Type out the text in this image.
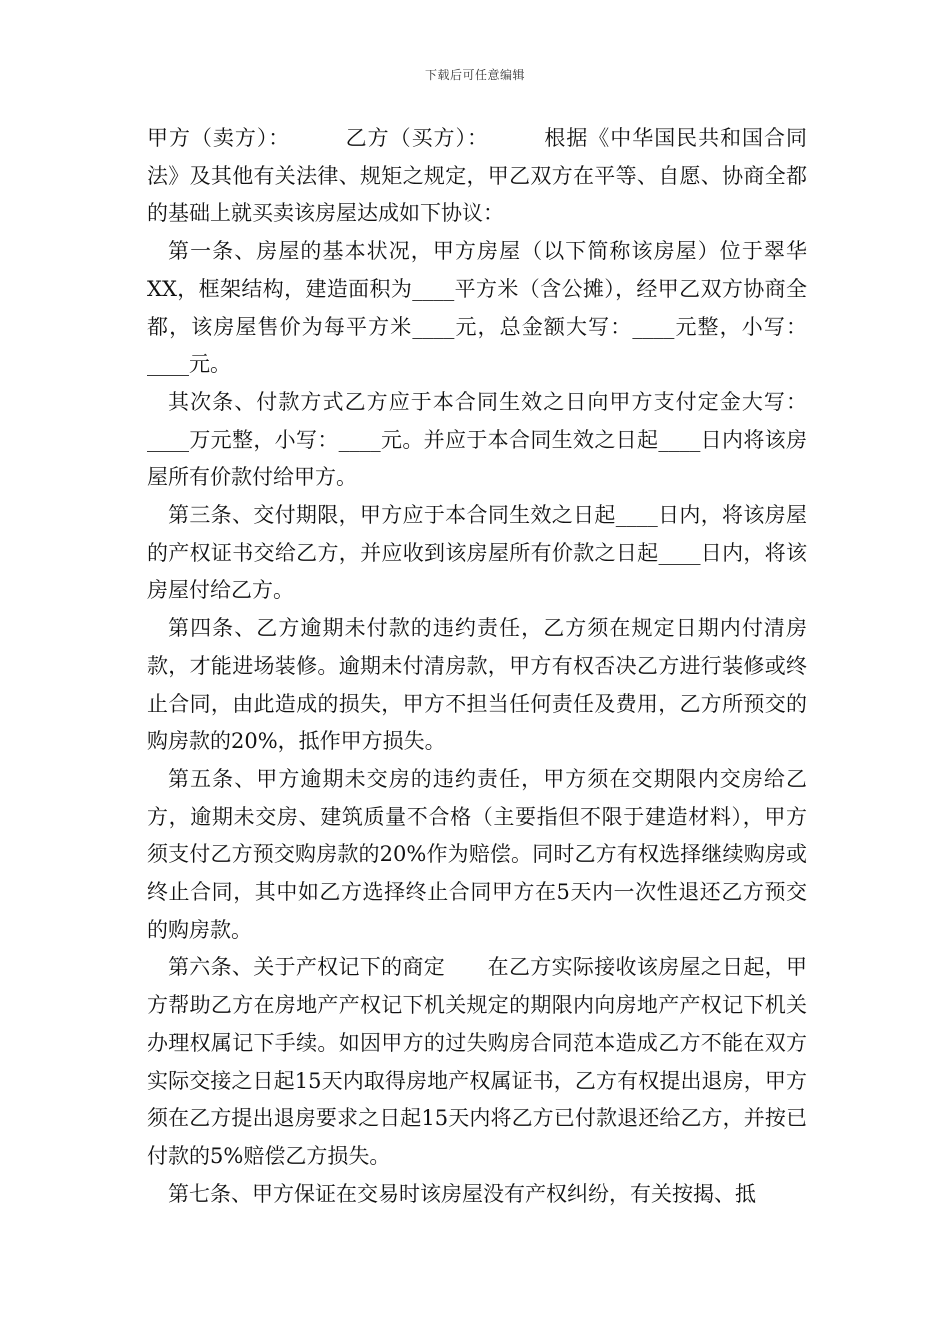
下载后可任意编辑

甲方（卖方）：　　　乙方（买方）：　　　根据《中华国民共和国合同法》及其他有关法律、规矩之规定，甲乙双方在平等、自愿、协商全都的基础上就买卖该房屋达成如下协议：

第一条、房屋的基本状况，甲方房屋（以下简称该房屋）位于翠华XX，框架结构，建造面积为____平方米（含公摊），经甲乙双方协商全都，该房屋售价为每平方米____元，总金额大写：____元整，小写：____元。

其次条、付款方式乙方应于本合同生效之日向甲方支付定金大写：____万元整，小写：____元。并应于本合同生效之日起____日内将该房屋所有价款付给甲方。

第三条、交付期限，甲方应于本合同生效之日起____日内，将该房屋的产权证书交给乙方，并应收到该房屋所有价款之日起____日内，将该房屋付给乙方。

第四条、乙方逾期未付款的违约责任，乙方须在规定日期内付清房款，才能进场装修。逾期未付清房款，甲方有权否决乙方进行装修或终止合同，由此造成的损失，甲方不担当任何责任及费用，乙方所预交的购房款的20%，抵作甲方损失。

第五条、甲方逾期未交房的违约责任，甲方须在交期限内交房给乙方，逾期未交房、建筑质量不合格（主要指但不限于建造材料），甲方须支付乙方预交购房款的20%作为赔偿。同时乙方有权选择继续购房或终止合同，其中如乙方选择终止合同甲方在5天内一次性退还乙方预交的购房款。

第六条、关于产权记下的商定　　在乙方实际接收该房屋之日起，甲方帮助乙方在房地产产权记下机关规定的期限内向房地产产权记下机关办理权属记下手续。如因甲方的过失购房合同范本造成乙方不能在双方实际交接之日起15天内取得房地产权属证书，乙方有权提出退房，甲方须在乙方提出退房要求之日起15天内将乙方已付款退还给乙方，并按已付款的5%赔偿乙方损失。

第七条、甲方保证在交易时该房屋没有产权纠纷，有关按揭、抵
